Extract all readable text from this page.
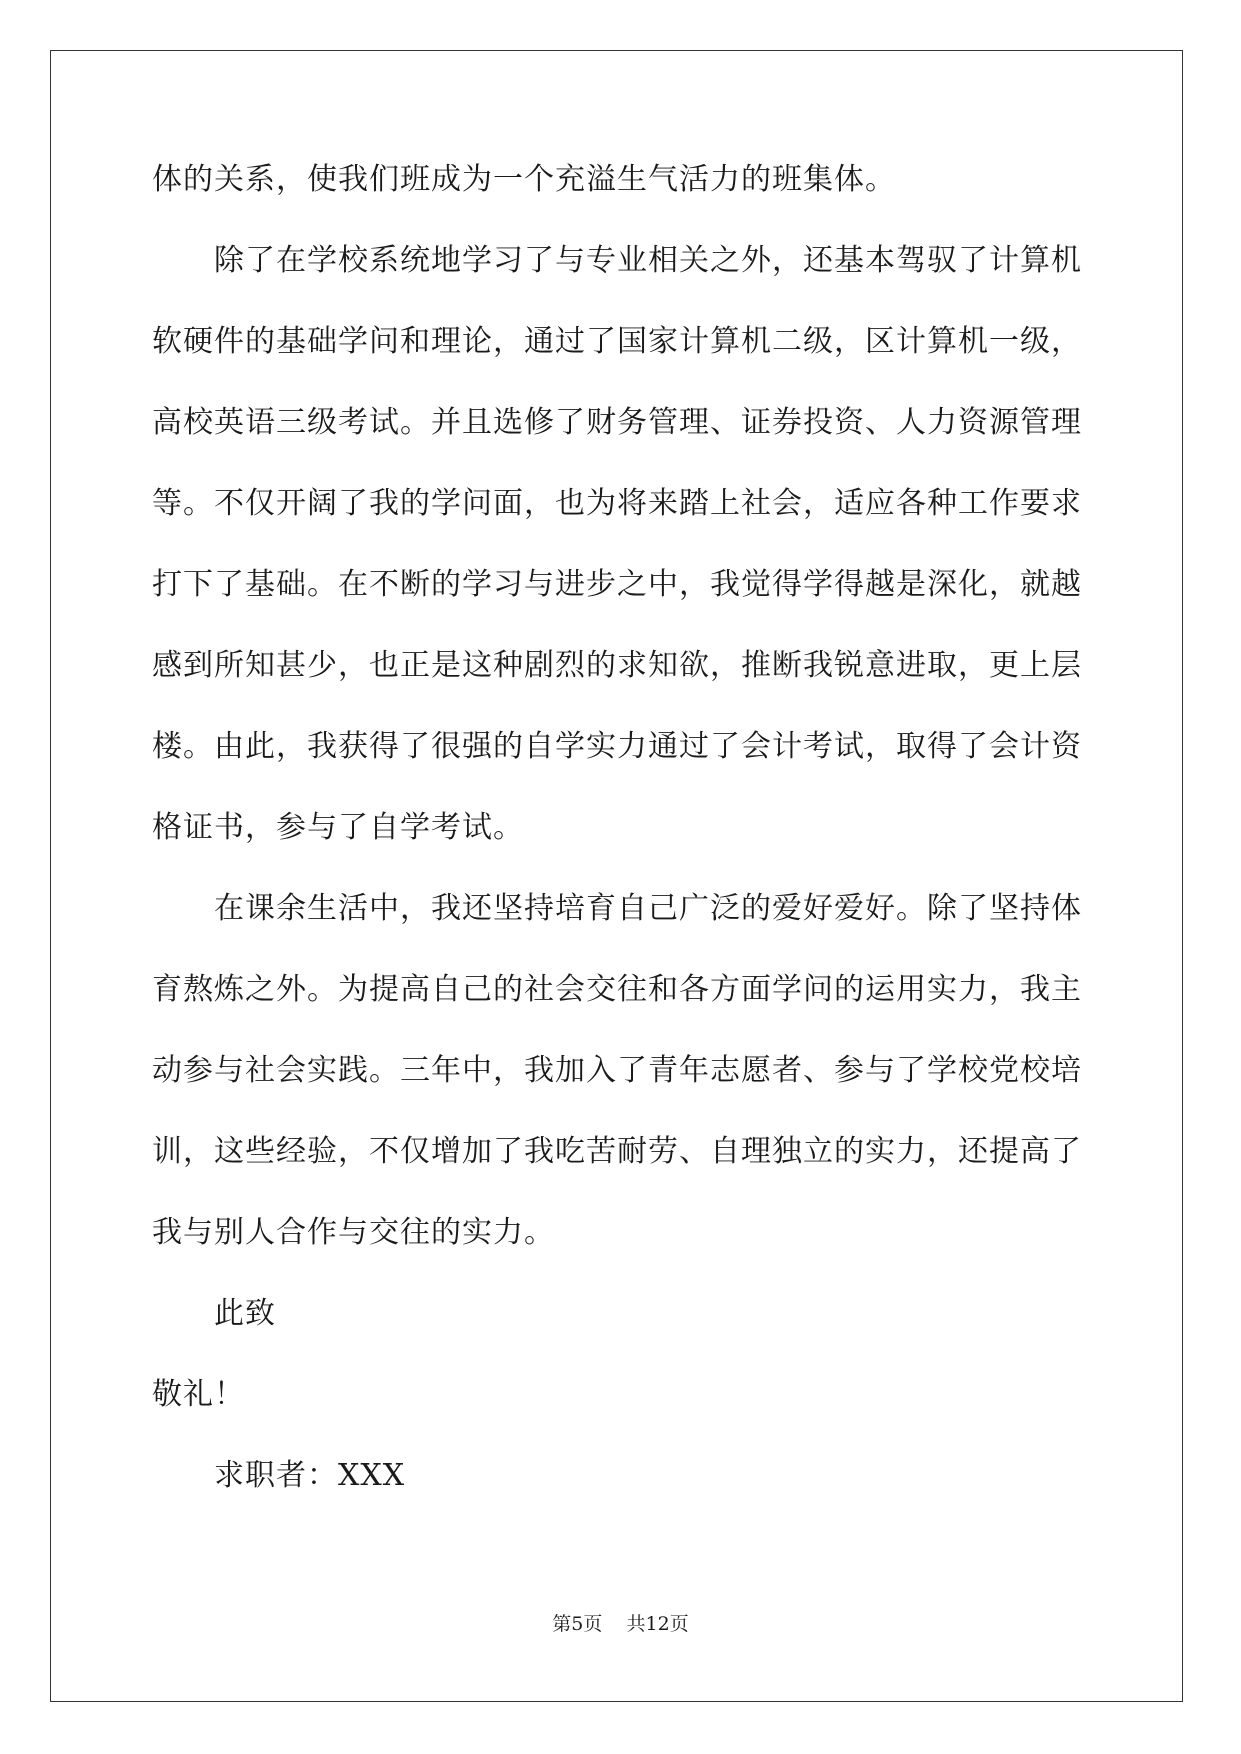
体的关系，使我们班成为一个充溢生气活力的班集体。
除了在学校系统地学习了与专业相关之外，还基本驾驭了计算机
软硬件的基础学问和理论，通过了国家计算机二级，区计算机一级，
高校英语三级考试。并且选修了财务管理、证券投资、人力资源管理
等。不仅开阔了我的学问面，也为将来踏上社会，适应各种工作要求
打下了基础。在不断的学习与进步之中，我觉得学得越是深化，就越
感到所知甚少，也正是这种剧烈的求知欲，推断我锐意进取，更上层
楼。由此，我获得了很强的自学实力通过了会计考试，取得了会计资
格证书，参与了自学考试。
在课余生活中，我还坚持培育自己广泛的爱好爱好。除了坚持体
育熬炼之外。为提高自己的社会交往和各方面学问的运用实力，我主
动参与社会实践。三年中，我加入了青年志愿者、参与了学校党校培
训，这些经验，不仅增加了我吃苦耐劳、自理独立的实力，还提高了
我与别人合作与交往的实力。
此致
敬礼！
求职者：XXX
第5页 共12页
